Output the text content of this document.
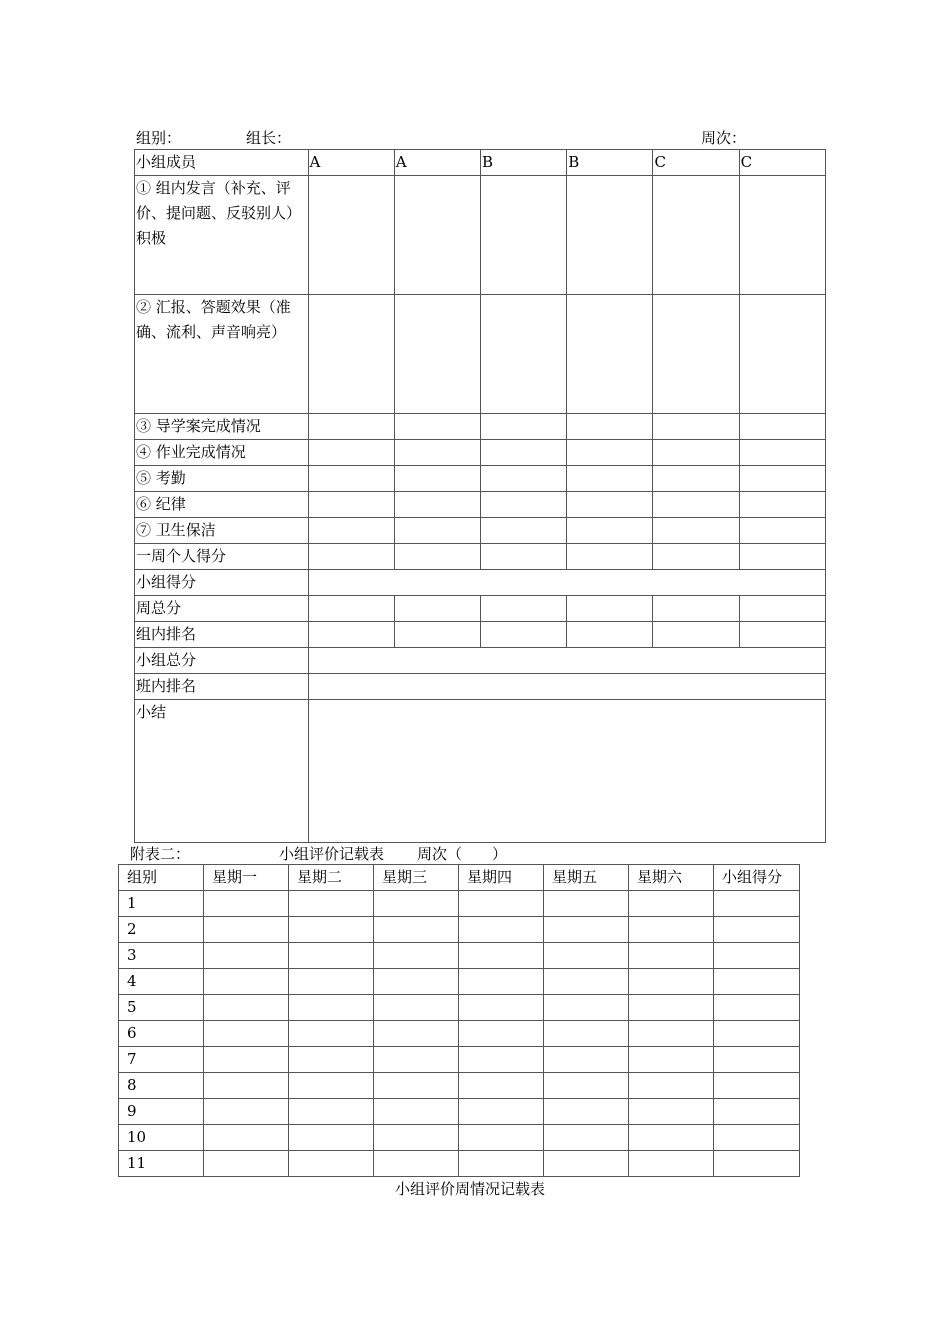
组别：	组长：	周次：
小组成员	A	A	B	B	C	C
① 组内发言（补充、评价、提问题、反驳别人）积极						
② 汇报、答题效果（准确、流利、声音响亮）						
③ 导学案完成情况						
④ 作业完成情况						
⑤ 考勤						
⑥ 纪律						
⑦ 卫生保洁						
一周个人得分						
小组得分						
周总分						
组内排名						
小组总分						
班内排名						
小结						
附表二：	小组评价记载表 周次（　　）
组别	星期一	星期二	星期三	星期四	星期五	星期六	小组得分
1							
2							
3							
4							
5							
6							
7							
8							
9							
10							
11							
小组评价周情况记载表
